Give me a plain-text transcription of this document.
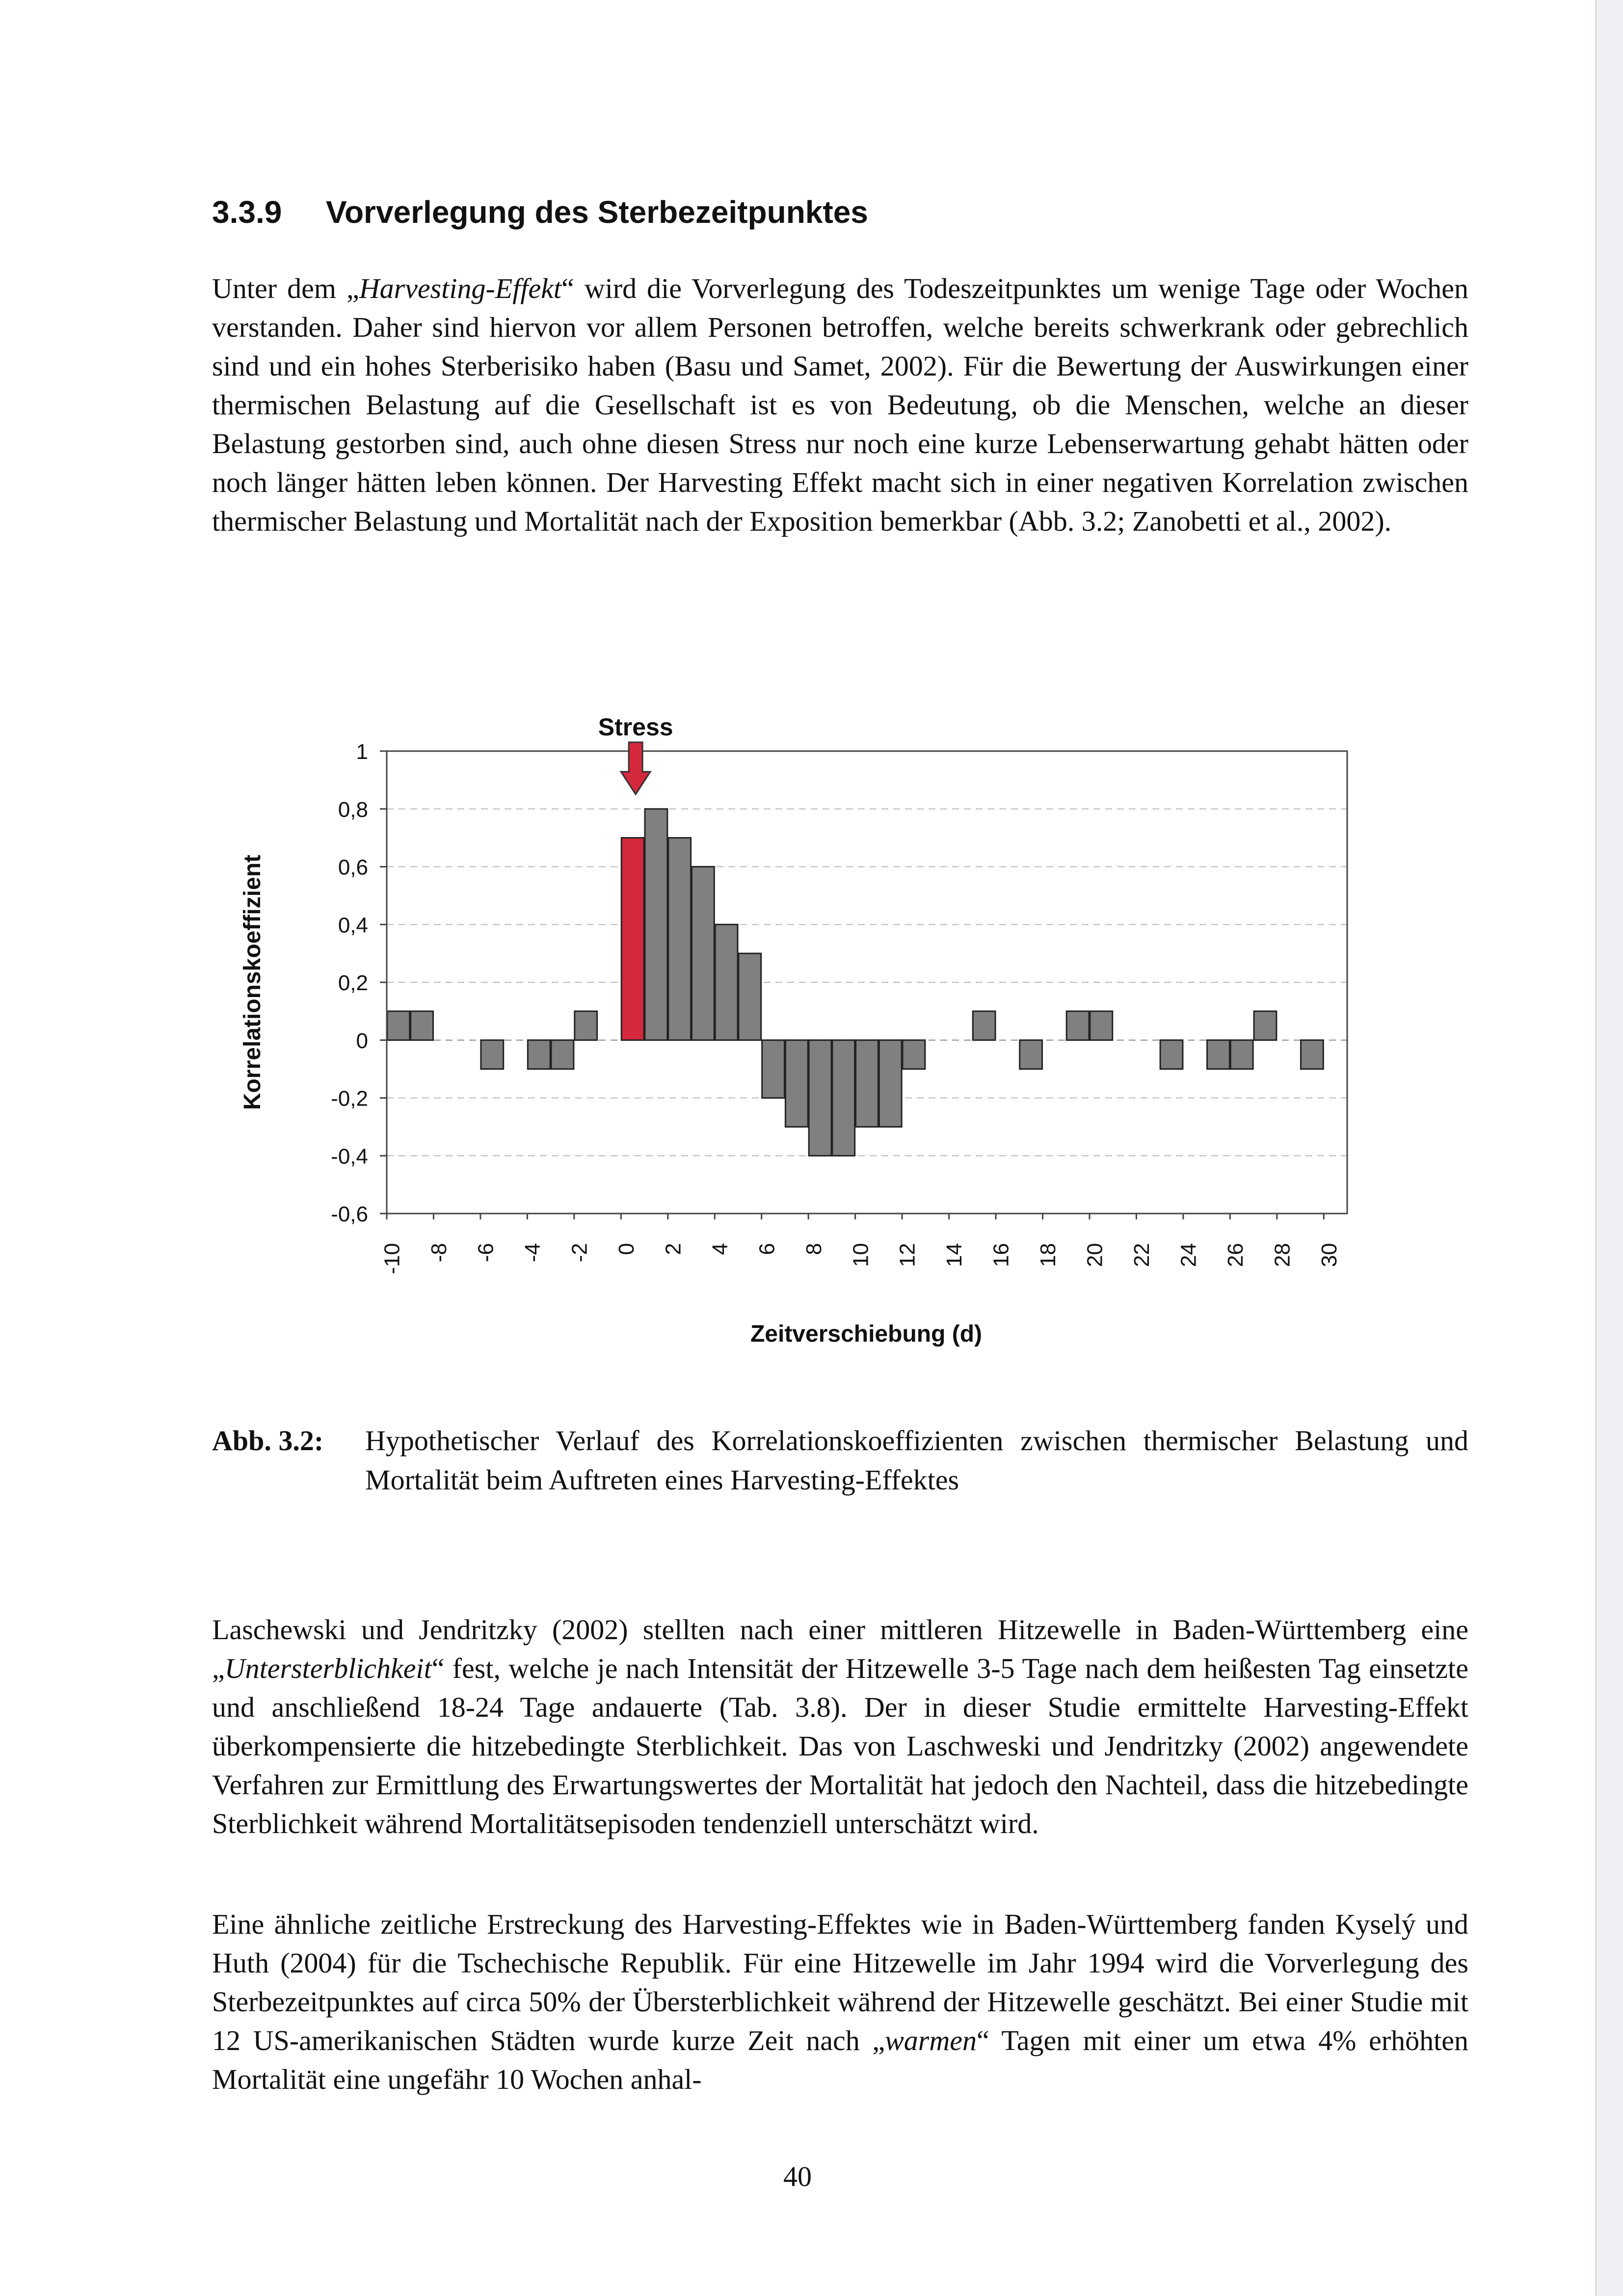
3.3.9 Vorverlegung des Sterbezeitpunktes

Unter dem „Harvesting-Effekt“ wird die Vorverlegung des Todeszeitpunktes um wenige Tage oder Wochen verstanden. Daher sind hiervon vor allem Personen betroffen, welche bereits schwerkrank oder gebrechlich sind und ein hohes Sterberisiko haben (Basu und Samet, 2002). Für die Bewertung der Auswirkungen einer thermischen Belastung auf die Gesellschaft ist es von Bedeutung, ob die Menschen, welche an dieser Belastung gestorben sind, auch ohne diesen Stress nur noch eine kurze Lebenserwartung gehabt hätten oder noch länger hätten leben können. Der Harvesting Effekt macht sich in einer negativen Korrelation zwischen thermischer Belastung und Mortalität nach der Exposition bemerkbar (Abb. 3.2; Zanobetti et al., 2002).

1
0,8
0,6
0,4
0,2
0
-0,2
-0,4
-0,6
-10 -8 -6 -4 -2 0 2 4 6 8 10 12 14 16 18 20 22 24 26 28 30
Stress
Korrelationskoeffizient
Zeitverschiebung (d)
Abb. 3.2: Hypothetischer Verlauf des Korrelationskoeffizienten zwischen thermischer Belastung und Mortalität beim Auftreten eines Harvesting-Effektes

Laschewski und Jendritzky (2002) stellten nach einer mittleren Hitzewelle in Baden-Württemberg eine „Untersterblichkeit“ fest, welche je nach Intensität der Hitzewelle 3-5 Tage nach dem heißesten Tag einsetzte und anschließend 18-24 Tage andauerte (Tab. 3.8). Der in dieser Studie ermittelte Harvesting-Effekt überkompensierte die hitzebedingte Sterblichkeit. Das von Laschweski und Jendritzky (2002) angewendete Verfahren zur Ermittlung des Erwartungswertes der Mortalität hat jedoch den Nachteil, dass die hitzebedingte Sterblichkeit während Mortalitätsepisoden tendenziell unterschätzt wird.

Eine ähnliche zeitliche Erstreckung des Harvesting-Effektes wie in Baden-Württemberg fanden Kyselý und Huth (2004) für die Tschechische Republik. Für eine Hitzewelle im Jahr 1994 wird die Vorverlegung des Sterbezeitpunktes auf circa 50% der Übersterblichkeit während der Hitzewelle geschätzt. Bei einer Studie mit 12 US-amerikanischen Städten wurde kurze Zeit nach „warmen“ Tagen mit einer um etwa 4% erhöhten Mortalität eine ungefähr 10 Wochen anhal-

40
